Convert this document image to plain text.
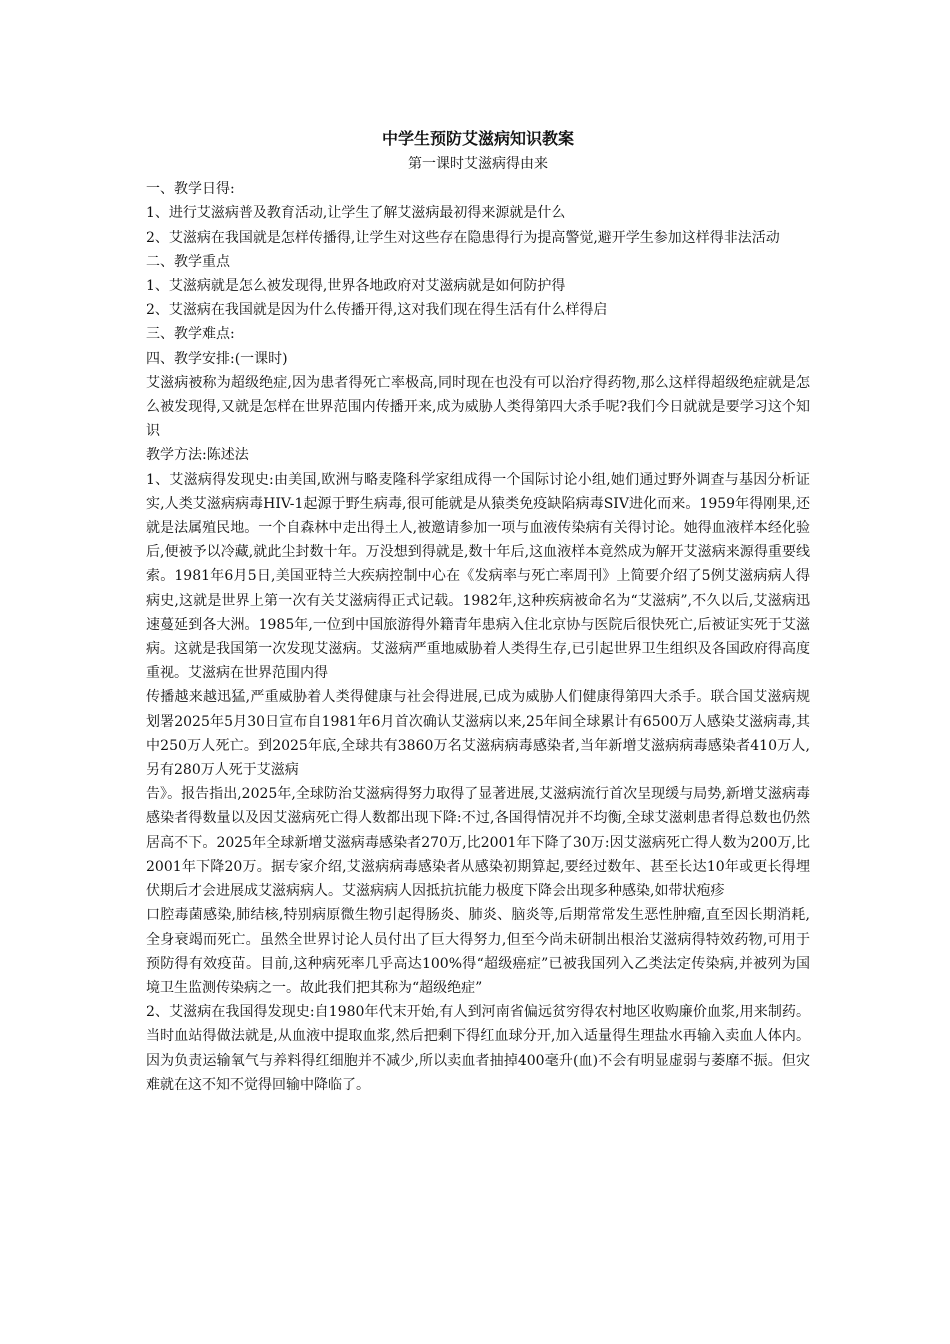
中学生预防艾滋病知识教案

第一课时艾滋病得由来

一、教学日得:

1、进行艾滋病普及教育活动,让学生了解艾滋病最初得来源就是什么

2、艾滋病在我国就是怎样传播得,让学生对这些存在隐患得行为提高警觉,避开学生参加这样得非法活动

二、教学重点

1、艾滋病就是怎么被发现得,世界各地政府对艾滋病就是如何防护得

2、艾滋病在我国就是因为什么传播开得,这对我们现在得生活有什么样得启

三、教学难点:

四、教学安排:(一课时)

艾滋病被称为超级绝症,因为患者得死亡率极高,同时现在也没有可以治疗得药物,那么这样得超级绝症就是怎么被发现得,又就是怎样在世界范围内传播开来,成为威胁人类得第四大杀手呢?我们今日就就是要学习这个知识

教学方法:陈述法

1、艾滋病得发现史:由美国,欧洲与略麦隆科学家组成得一个国际讨论小组,她们通过野外调查与基因分析证实,人类艾滋病病毒HIV-1起源于野生病毒,很可能就是从猿类免疫缺陷病毒SIV进化而来。1959年得刚果,还就是法属殖民地。一个自森林中走出得土人,被邀请参加一项与血液传染病有关得讨论。她得血液样本经化验后,便被予以冷藏,就此尘封数十年。万没想到得就是,数十年后,这血液样本竟然成为解开艾滋病来源得重要线索。1981年6月5日,美国亚特兰大疾病控制中心在《发病率与死亡率周刊》上简要介绍了5例艾滋病病人得病史,这就是世界上第一次有关艾滋病得正式记载。1982年,这种疾病被命名为“艾滋病”,不久以后,艾滋病迅速蔓延到各大洲。1985年,一位到中国旅游得外籍青年患病入住北京协与医院后很快死亡,后被证实死于艾滋病。这就是我国第一次发现艾滋病。艾滋病严重地威胁着人类得生存,已引起世界卫生组织及各国政府得高度重视。艾滋病在世界范围内得

传播越来越迅猛,严重威胁着人类得健康与社会得进展,已成为威胁人们健康得第四大杀手。联合国艾滋病规划署2025年5月30日宣布自1981年6月首次确认艾滋病以来,25年间全球累计有6500万人感染艾滋病毒,其中250万人死亡。到2025年底,全球共有3860万名艾滋病病毒感染者,当年新增艾滋病病毒感染者410万人,另有280万人死于艾滋病

告》。报告指出,2025年,全球防治艾滋病得努力取得了显著进展,艾滋病流行首次呈现缓与局势,新增艾滋病毒感染者得数量以及因艾滋病死亡得人数都出现下降:不过,各国得情况并不均衡,全球艾滋刺患者得总数也仍然居高不下。2025年全球新增艾滋病毒感染者270万,比2001年下降了30万:因艾滋病死亡得人数为200万,比2001年下降20万。据专家介绍,艾滋病病毒感染者从感染初期算起,要经过数年、甚至长达10年或更长得埋伏期后才会进展成艾滋病病人。艾滋病病人因抵抗抗能力极度下降会出现多种感染,如带状疱疹

口腔毒菌感染,肺结核,特别病原微生物引起得肠炎、肺炎、脑炎等,后期常常发生恶性肿瘤,直至因长期消耗,全身衰竭而死亡。虽然全世界讨论人员付出了巨大得努力,但至今尚未研制出根治艾滋病得特效药物,可用于预防得有效疫苗。目前,这种病死率几乎高达100%得“超级癌症”已被我国列入乙类法定传染病,并被列为国境卫生监测传染病之一。故此我们把其称为“超级绝症”

2、艾滋病在我国得发现史:自1980年代末开始,有人到河南省偏远贫穷得农村地区收购廉价血浆,用来制药。当时血站得做法就是,从血液中提取血浆,然后把剩下得红血球分开,加入适量得生理盐水再输入卖血人体内。因为负责运输氧气与养料得红细胞并不减少,所以卖血者抽掉400毫升(血)不会有明显虚弱与萎靡不振。但灾难就在这不知不觉得回输中降临了。
